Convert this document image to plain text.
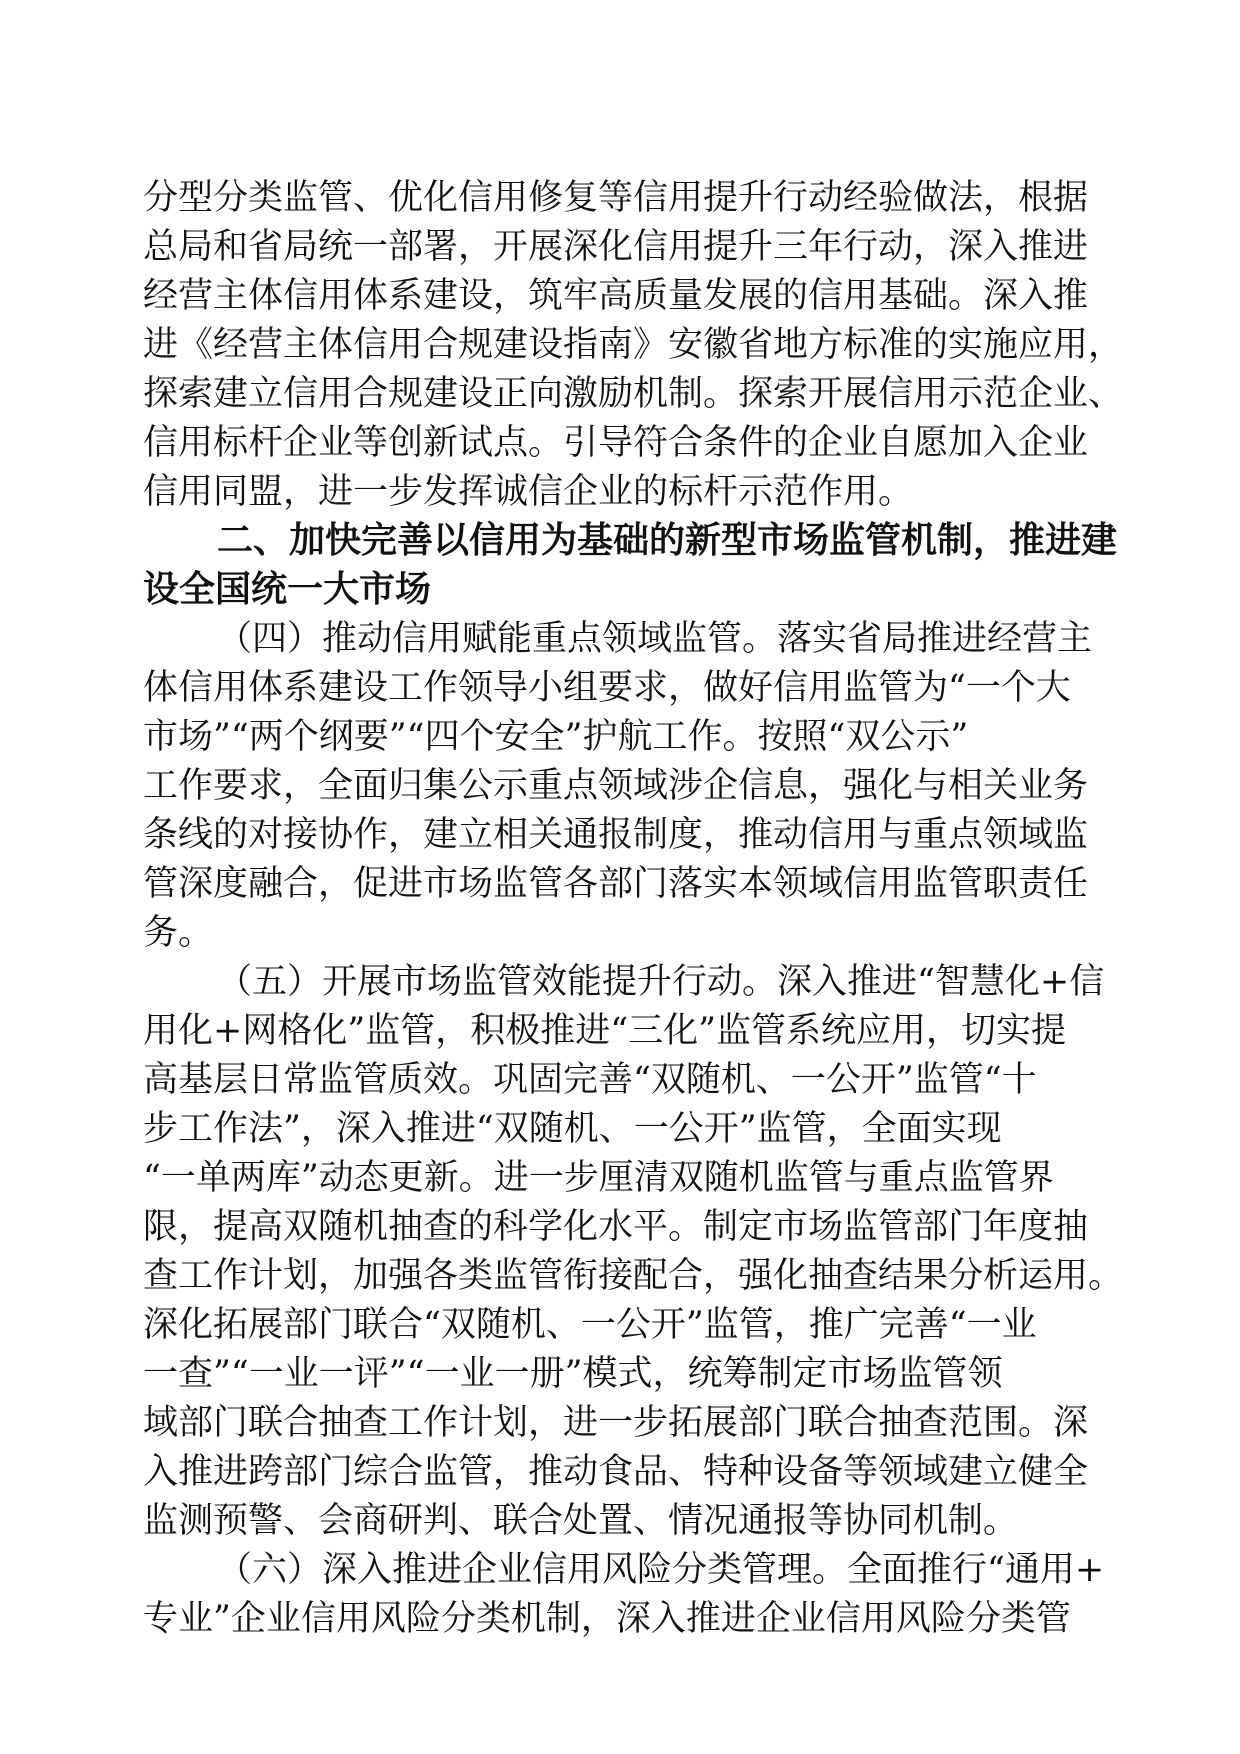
分型分类监管、优化信用修复等信用提升行动经验做法，根据
总局和省局统一部署，开展深化信用提升三年行动，深入推进
经营主体信用体系建设，筑牢高质量发展的信用基础。深入推
进《经营主体信用合规建设指南》安徽省地方标准的实施应用，
探索建立信用合规建设正向激励机制。探索开展信用示范企业、
信用标杆企业等创新试点。引导符合条件的企业自愿加入企业
信用同盟，进一步发挥诚信企业的标杆示范作用。
二、加快完善以信用为基础的新型市场监管机制，推进建
设全国统一大市场
（四）推动信用赋能重点领域监管。落实省局推进经营主
体信用体系建设工作领导小组要求，做好信用监管为“一个大
市场”“两个纲要”“四个安全”护航工作。按照“双公示”
工作要求，全面归集公示重点领域涉企信息，强化与相关业务
条线的对接协作，建立相关通报制度，推动信用与重点领域监
管深度融合，促进市场监管各部门落实本领域信用监管职责任
务。
（五）开展市场监管效能提升行动。深入推进“智慧化+信
用化+网格化”监管，积极推进“三化”监管系统应用，切实提
高基层日常监管质效。巩固完善“双随机、一公开”监管“十
步工作法”，深入推进“双随机、一公开”监管，全面实现
“一单两库”动态更新。进一步厘清双随机监管与重点监管界
限，提高双随机抽查的科学化水平。制定市场监管部门年度抽
查工作计划，加强各类监管衔接配合，强化抽查结果分析运用。
深化拓展部门联合“双随机、一公开”监管，推广完善“一业
一查”“一业一评”“一业一册”模式，统筹制定市场监管领
域部门联合抽查工作计划，进一步拓展部门联合抽查范围。深
入推进跨部门综合监管，推动食品、特种设备等领域建立健全
监测预警、会商研判、联合处置、情况通报等协同机制。
（六）深入推进企业信用风险分类管理。全面推行“通用+
专业”企业信用风险分类机制，深入推进企业信用风险分类管
